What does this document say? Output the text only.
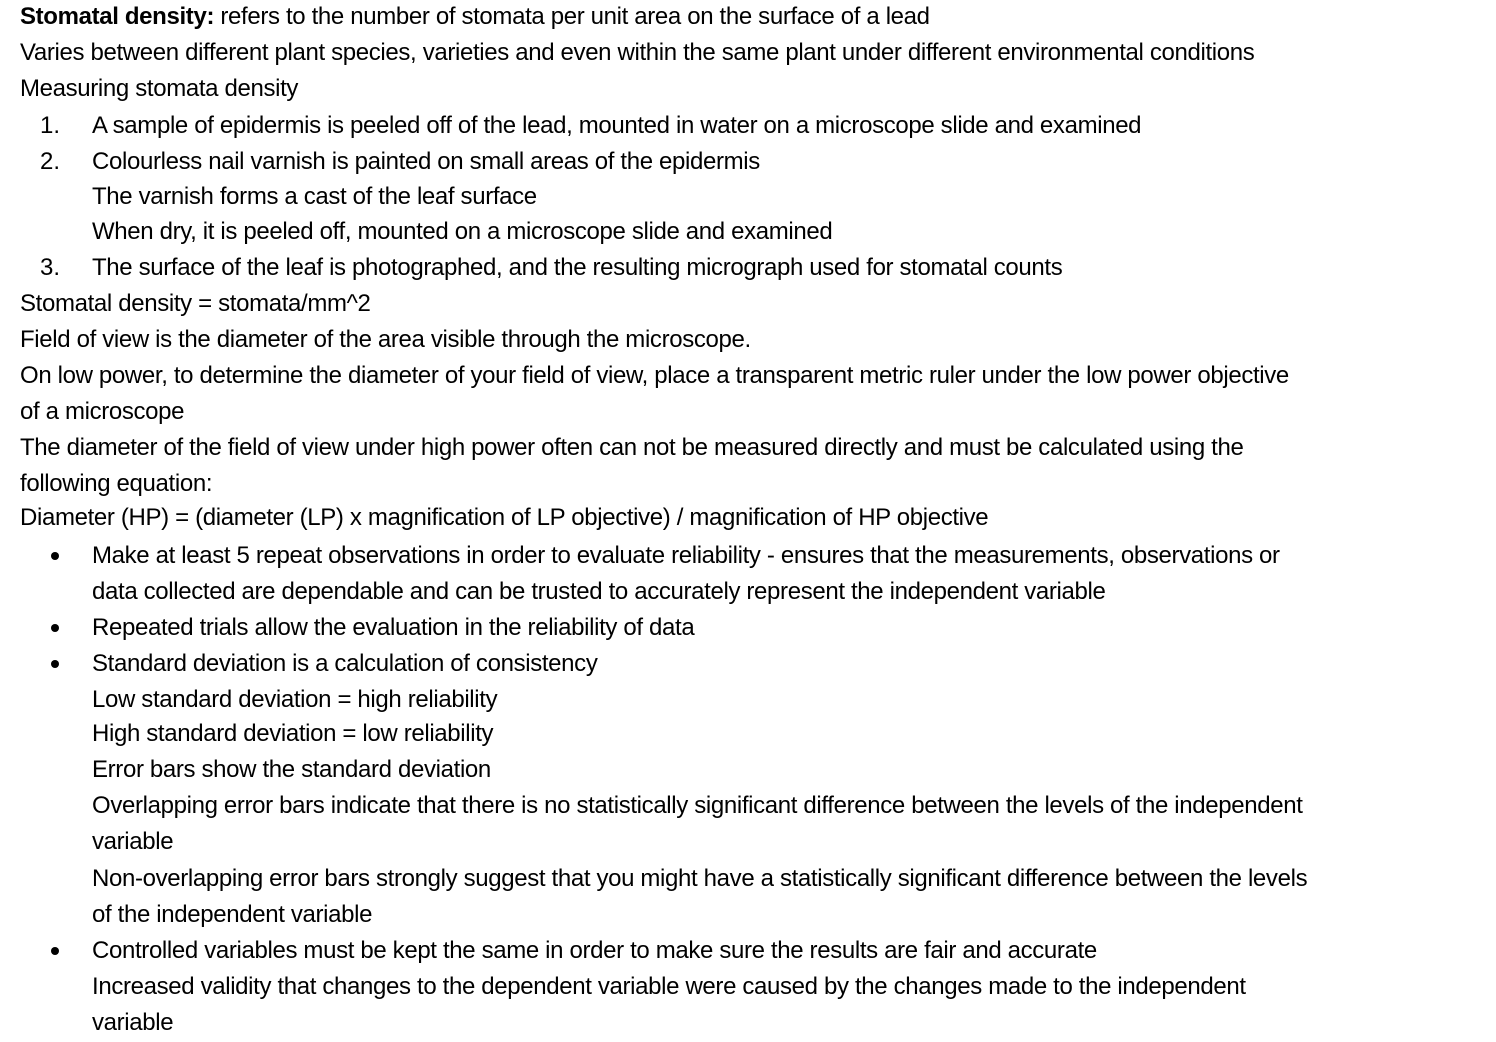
Stomatal density: refers to the number of stomata per unit area on the surface of a lead
Varies between different plant species, varieties and even within the same plant under different environmental conditions
Measuring stomata density
1. A sample of epidermis is peeled off of the lead, mounted in water on a microscope slide and examined
2. Colourless nail varnish is painted on small areas of the epidermis
The varnish forms a cast of the leaf surface
When dry, it is peeled off, mounted on a microscope slide and examined
3. The surface of the leaf is photographed, and the resulting micrograph used for stomatal counts
Stomatal density = stomata/mm^2
Field of view is the diameter of the area visible through the microscope.
On low power, to determine the diameter of your field of view, place a transparent metric ruler under the low power objective
of a microscope
The diameter of the field of view under high power often can not be measured directly and must be calculated using the
following equation:
Diameter (HP) = (diameter (LP) x magnification of LP objective) / magnification of HP objective
Make at least 5 repeat observations in order to evaluate reliability - ensures that the measurements, observations or
data collected are dependable and can be trusted to accurately represent the independent variable
Repeated trials allow the evaluation in the reliability of data
Standard deviation is a calculation of consistency
Low standard deviation = high reliability
High standard deviation = low reliability
Error bars show the standard deviation
Overlapping error bars indicate that there is no statistically significant difference between the levels of the independent
variable
Non-overlapping error bars strongly suggest that you might have a statistically significant difference between the levels
of the independent variable
Controlled variables must be kept the same in order to make sure the results are fair and accurate
Increased validity that changes to the dependent variable were caused by the changes made to the independent
variable
